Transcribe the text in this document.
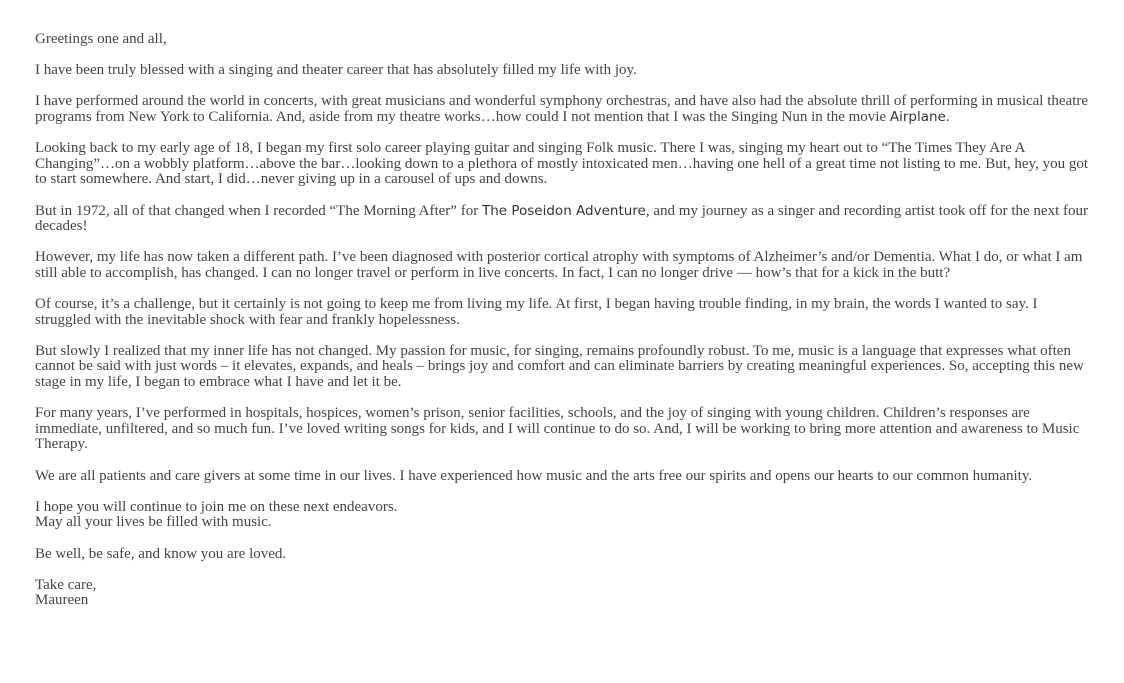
Greetings one and all,

I have been truly blessed with a singing and theater career that has absolutely filled my life with joy.

I have performed around the world in concerts, with great musicians and wonderful symphony orchestras, and have also had the absolute thrill of performing in musical theatre programs from New York to California. And, aside from my theatre works…how could I not mention that I was the Singing Nun in the movie Airplane.

Looking back to my early age of 18, I began my first solo career playing guitar and singing Folk music. There I was, singing my heart out to “The Times They Are A Changing”…on a wobbly platform…above the bar…looking down to a plethora of mostly intoxicated men…having one hell of a great time not listing to me. But, hey, you got to start somewhere. And start, I did…never giving up in a carousel of ups and downs.

But in 1972, all of that changed when I recorded “The Morning After” for The Poseidon Adventure, and my journey as a singer and recording artist took off for the next four decades!

However, my life has now taken a different path. I’ve been diagnosed with posterior cortical atrophy with symptoms of Alzheimer’s and/or Dementia. What I do, or what I am still able to accomplish, has changed. I can no longer travel or perform in live concerts. In fact, I can no longer drive — how’s that for a kick in the butt?

Of course, it’s a challenge, but it certainly is not going to keep me from living my life. At first, I began having trouble finding, in my brain, the words I wanted to say. I struggled with the inevitable shock with fear and frankly hopelessness.

But slowly I realized that my inner life has not changed. My passion for music, for singing, remains profoundly robust. To me, music is a language that expresses what often cannot be said with just words – it elevates, expands, and heals – brings joy and comfort and can eliminate barriers by creating meaningful experiences. So, accepting this new stage in my life, I began to embrace what I have and let it be.

For many years, I’ve performed in hospitals, hospices, women’s prison, senior facilities, schools, and the joy of singing with young children. Children’s responses are immediate, unfiltered, and so much fun. I’ve loved writing songs for kids, and I will continue to do so. And, I will be working to bring more attention and awareness to Music Therapy.

We are all patients and care givers at some time in our lives. I have experienced how music and the arts free our spirits and opens our hearts to our common humanity.

I hope you will continue to join me on these next endeavors.
May all your lives be filled with music.

Be well, be safe, and know you are loved.

Take care,
Maureen
